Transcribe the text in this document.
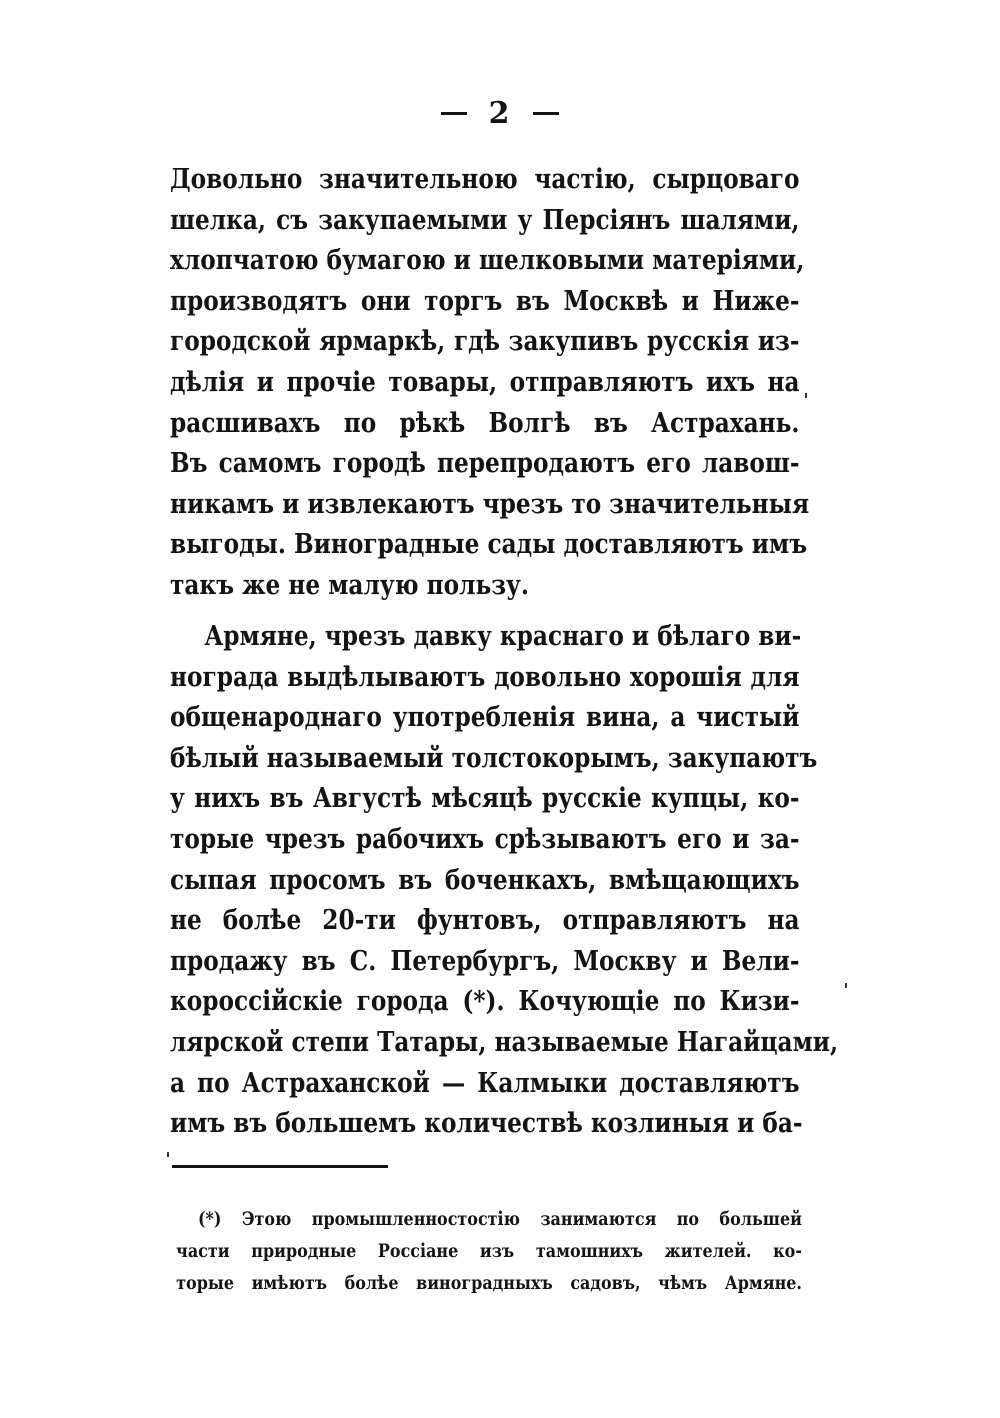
2
Довольно значительною частію, сырцоваго
шелка, съ закупаемыми у Персіянъ шалями,
хлопчатою бумагою и шелковыми матеріями,
производятъ они торгъ въ Москвѣ и Ниже-
городской ярмаркѣ, гдѣ закупивъ русскія из-
дѣлія и прочіе товары, отправляютъ ихъ на
расшивахъ по рѣкѣ Волгѣ въ Астрахань.
Въ самомъ городѣ перепродаютъ его лавош-
никамъ и извлекаютъ чрезъ то значительныя
выгоды. Виноградные сады доставляютъ имъ
такъ же не малую пользу.
Армяне, чрезъ давку краснаго и бѣлаго ви-
нограда выдѣлываютъ довольно хорошія для
общенароднаго употребленія вина, а чистый
бѣлый называемый толстокорымъ, закупаютъ
у нихъ въ Августѣ мѣсяцѣ русскіе купцы, ко-
торые чрезъ рабочихъ срѣзываютъ его и за-
сыпая просомъ въ боченкахъ, вмѣщающихъ
не болѣе 20-ти фунтовъ, отправляютъ на
продажу въ С. Петербургъ, Москву и Вели-
короссійскіе города (*). Кочующіе по Кизи-
лярской степи Татары, называемые Нагайцами,
а по Астраханской — Калмыки доставляютъ
имъ въ большемъ количествѣ козлиныя и ба-
(*) Этою промышленностостію занимаются по большей
части природные Россіане изъ тамошнихъ жителей. ко-
торые имѣютъ болѣе виноградныхъ садовъ, чѣмъ Армяне.
